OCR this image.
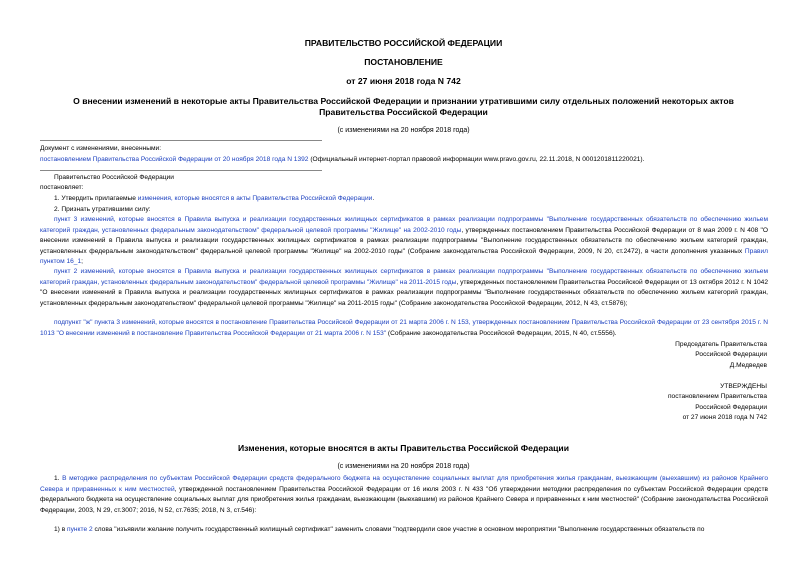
ПРАВИТЕЛЬСТВО РОССИЙСКОЙ ФЕДЕРАЦИИ
ПОСТАНОВЛЕНИЕ
от 27 июня 2018 года N 742
О внесении изменений в некоторые акты Правительства Российской Федерации и признании утратившими силу отдельных положений некоторых актов
Правительства Российской Федерации
(с изменениями на 20 ноября 2018 года)

Документ с изменениями, внесенными:

постановлением Правительства Российской Федерации от 20 ноября 2018 года N 1392 (Официальный интернет-портал правовой информации www.pravo.gov.ru, 22.11.2018, N 0001201811220021).

Правительство Российской Федерации

постановляет:

1. Утвердить прилагаемые изменения, которые вносятся в акты Правительства Российской Федерации.

2. Признать утратившими силу:

пункт 3 изменений, которые вносятся в Правила выпуска и реализации государственных жилищных сертификатов в рамках реализации подпрограммы "Выполнение государственных обязательств по обеспечению жильем категорий граждан, установленных федеральным законодательством" федеральной целевой программы "Жилище" на 2002-2010 годы, утвержденных постановлением Правительства Российской Федерации от 8 мая 2009 г. N 408 "О внесении изменений в Правила выпуска и реализации государственных жилищных сертификатов в рамках реализации подпрограммы "Выполнение государственных обязательств по обеспечению жильем категорий граждан, установленных федеральным законодательством" федеральной целевой программы "Жилище" на 2002-2010 годы" (Собрание законодательства Российской Федерации, 2009, N 20, ст.2472), в части дополнения указанных Правил пунктом 16_1;

пункт 2 изменений, которые вносятся в Правила выпуска и реализации государственных жилищных сертификатов в рамках реализации подпрограммы "Выполнение государственных обязательств по обеспечению жильем категорий граждан, установленных федеральным законодательством" федеральной целевой программы "Жилище" на 2011-2015 годы, утвержденных постановлением Правительства Российской Федерации от 13 октября 2012 г. N 1042 "О внесении изменений в Правила выпуска и реализации государственных жилищных сертификатов в рамках реализации подпрограммы "Выполнение государственных обязательств по обеспечению жильем категорий граждан, установленных федеральным законодательством" федеральной целевой программы "Жилище" на 2011-2015 годы" (Собрание законодательства Российской Федерации, 2012, N 43, ст.5876);

подпункт "ж" пункта 3 изменений, которые вносятся в постановление Правительства Российской Федерации от 21 марта 2006 г. N 153, утвержденных постановлением Правительства Российской Федерации от 23 сентября 2015 г. N 1013 "О внесении изменений в постановление Правительства Российской Федерации от 21 марта 2006 г. N 153" (Собрание законодательства Российской Федерации, 2015, N 40, ст.5556).

Председатель Правительства

Российской Федерации

Д.Медведев

УТВЕРЖДЕНЫ

постановлением Правительства

Российской Федерации

от 27 июня 2018 года N 742

Изменения, которые вносятся в акты Правительства Российской Федерации
(с изменениями на 20 ноября 2018 года)

1. В методике распределения по субъектам Российской Федерации средств федерального бюджета на осуществление социальных выплат для приобретения жилья гражданам, выезжающим (выехавшим) из районов Крайнего Севера и приравненных к ним местностей, утвержденной постановлением Правительства Российской Федерации от 16 июля 2003 г. N 433 "Об утверждении методики распределения по субъектам Российской Федерации средств федерального бюджета на осуществление социальных выплат для приобретения жилья гражданам, выезжающим (выехавшим) из районов Крайнего Севера и приравненных к ним местностей" (Собрание законодательства Российской Федерации, 2003, N 29, ст.3007; 2016, N 52, ст.7635; 2018, N 3, ст.546):

1) в пункте 2 слова "изъявили желание получить государственный жилищный сертификат" заменить словами "подтвердили свое участие в основном мероприятии "Выполнение государственных обязательств по
